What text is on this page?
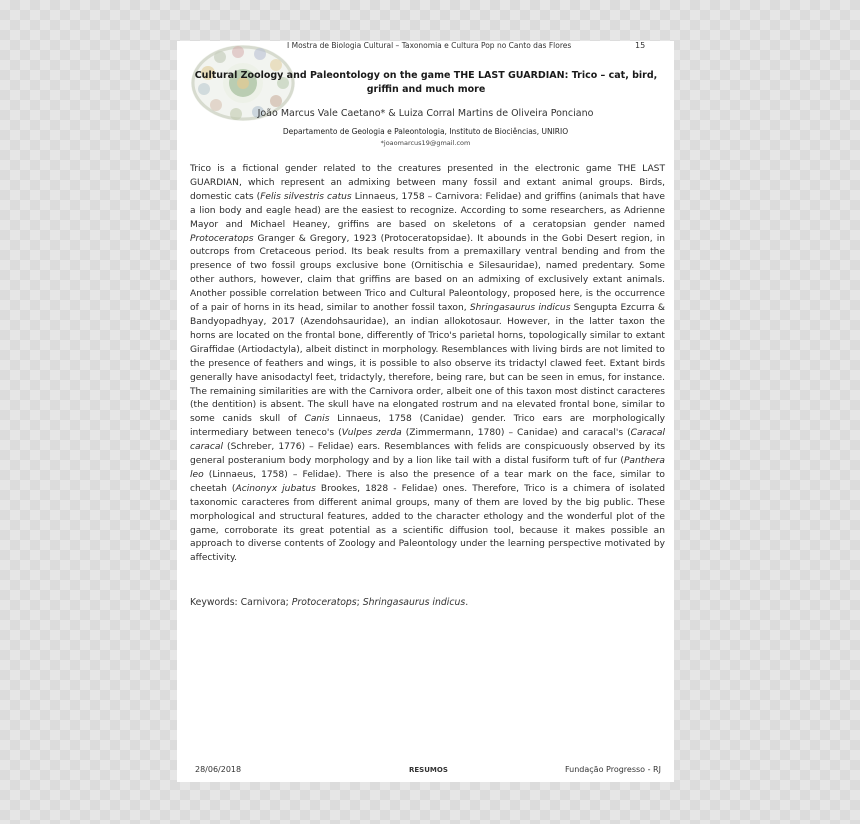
I Mostra de Biologia Cultural – Taxonomia e Cultura Pop no Canto das Flores	15
Cultural Zoology and Paleontology on the game THE LAST GUARDIAN: Trico – cat, bird, griffin and much more
João Marcus Vale Caetano* & Luiza Corral Martins de Oliveira Ponciano
Departamento de Geologia e Paleontologia, Instituto de Biociências, UNIRIO
*joaomarcus19@gmail.com

Trico is a fictional gender related to the creatures presented in the electronic game THE LAST GUARDIAN, which represent an admixing between many fossil and extant animal groups. Birds, domestic cats (Felis silvestris catus Linnaeus, 1758 – Carnivora: Felidae) and griffins (animals that have a lion body and eagle head) are the easiest to recognize. According to some researchers, as Adrienne Mayor and Michael Heaney, griffins are based on skeletons of a ceratopsian gender named Protoceratops Granger & Gregory, 1923 (Protoceratopsidae). It abounds in the Gobi Desert region, in outcrops from Cretaceous period. Its beak results from a premaxillary ventral bending and from the presence of two fossil groups exclusive bone (Ornitischia e Silesauridae), named predentary. Some other authors, however, claim that griffins are based on an admixing of exclusively extant animals. Another possible correlation between Trico and Cultural Paleontology, proposed here, is the occurrence of a pair of horns in its head, similar to another fossil taxon, Shringasaurus indicus Sengupta Ezcurra & Bandyopadhyay, 2017 (Azendohsauridae), an indian allokotosaur. However, in the latter taxon the horns are located on the frontal bone, differently of Trico's parietal horns, topologically similar to extant Giraffidae (Artiodactyla), albeit distinct in morphology. Resemblances with living birds are not limited to the presence of feathers and wings, it is possible to also observe its tridactyl clawed feet. Extant birds generally have anisodactyl feet, tridactyly, therefore, being rare, but can be seen in emus, for instance. The remaining similarities are with the Carnivora order, albeit one of this taxon most distinct caracteres (the dentition) is absent. The skull have na elongated rostrum and na elevated frontal bone, similar to some canids skull of Canis Linnaeus, 1758 (Canidae) gender. Trico ears are morphologically intermediary between teneco's (Vulpes zerda (Zimmermann, 1780) – Canidae) and caracal's (Caracal caracal (Schreber, 1776) – Felidae) ears. Resemblances with felids are conspicuously observed by its general posteranium body morphology and by a lion like tail with a distal fusiform tuft of fur (Panthera leo (Linnaeus, 1758) – Felidae). There is also the presence of a tear mark on the face, similar to cheetah (Acinonyx jubatus Brookes, 1828 - Felidae) ones. Therefore, Trico is a chimera of isolated taxonomic caracteres from different animal groups, many of them are loved by the big public. These morphological and structural features, added to the character ethology and the wonderful plot of the game, corroborate its great potential as a scientific diffusion tool, because it makes possible an approach to diverse contents of Zoology and Paleontology under the learning perspective motivated by affectivity.

Keywords: Carnivora; Protoceratops; Shringasaurus indicus.
28/06/2018	RESUMOS	Fundação Progresso - RJ
